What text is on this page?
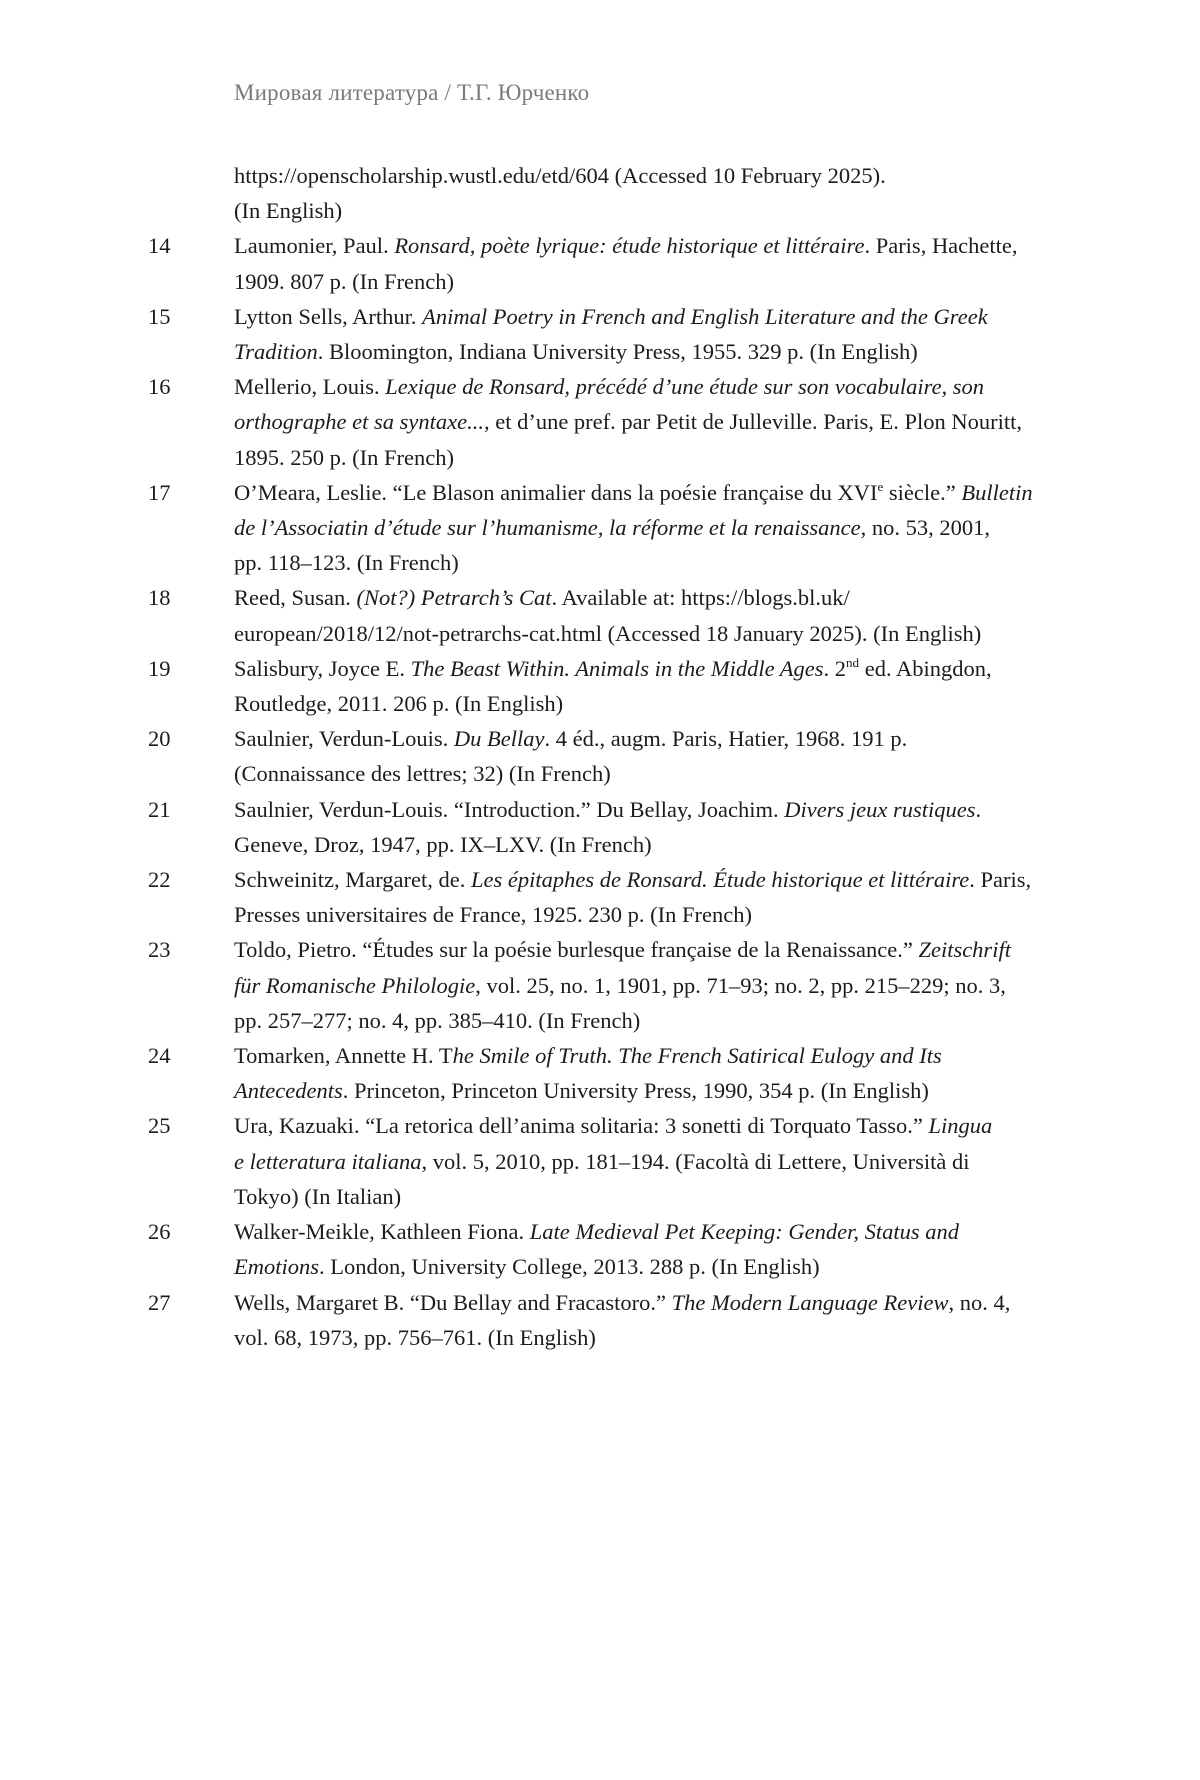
Мировая литература / Т.Г. Юрченко
https://openscholarship.wustl.edu/etd/604 (Accessed 10 February 2025).
(In English)
14	Laumonier, Paul. Ronsard, poète lyrique: étude historique et littéraire. Paris, Hachette,
1909. 807 p. (In French)
15	Lytton Sells, Arthur. Animal Poetry in French and English Literature and the Greek
Tradition. Bloomington, Indiana University Press, 1955. 329 p. (In English)
16	Mellerio, Louis. Lexique de Ronsard, précédé d’une étude sur son vocabulaire, son
orthographe et sa syntaxe..., et d’une pref. par Petit de Julleville. Paris, E. Plon Nouritt,
1895. 250 p. (In French)
17	O’Meara, Leslie. “Le Blason animalier dans la poésie française du XVIe siècle.” Bulletin
de l’Associatin d’étude sur l’humanisme, la réforme et la renaissance, no. 53, 2001,
pp. 118–123. (In French)
18	Reed, Susan. (Not?) Petrarch’s Cat. Available at: https://blogs.bl.uk/
european/2018/12/not-petrarchs-cat.html (Accessed 18 January 2025). (In English)
19	Salisbury, Joyce E. The Beast Within. Animals in the Middle Ages. 2nd ed. Abingdon,
Routledge, 2011. 206 p. (In English)
20	Saulnier, Verdun-Louis. Du Bellay. 4 éd., augm. Paris, Hatier, 1968. 191 p.
(Connaissance des lettres; 32) (In French)
21	Saulnier, Verdun-Louis. “Introduction.” Du Bellay, Joachim. Divers jeux rustiques.
Geneve, Droz, 1947, pp. IX–LXV. (In French)
22	Schweinitz, Margaret, de. Les épitaphes de Ronsard. Étude historique et littéraire. Paris,
Presses universitaires de France, 1925. 230 p. (In French)
23	Toldo, Pietro. “Études sur la poésie burlesque française de la Renaissance.” Zeitschrift
für Romanische Philologie, vol. 25, no. 1, 1901, pp. 71–93; no. 2, pp. 215–229; no. 3,
pp. 257–277; no. 4, pp. 385–410. (In French)
24	Tomarken, Annette H. The Smile of Truth. The French Satirical Eulogy and Its
Antecedents. Princeton, Princeton University Press, 1990, 354 p. (In English)
25	Ura, Kazuaki. “La retorica dell’anima solitaria: 3 sonetti di Torquato Tasso.” Lingua
e letteratura italiana, vol. 5, 2010, pp. 181–194. (Facoltà di Lettere, Università di
Tokyo) (In Italian)
26	Walker-Meikle, Kathleen Fiona. Late Medieval Pet Keeping: Gender, Status and
Emotions. London, University College, 2013. 288 p. (In English)
27	Wells, Margaret B. “Du Bellay and Fracastoro.” The Modern Language Review, no. 4,
vol. 68, 1973, pp. 756–761. (In English)
